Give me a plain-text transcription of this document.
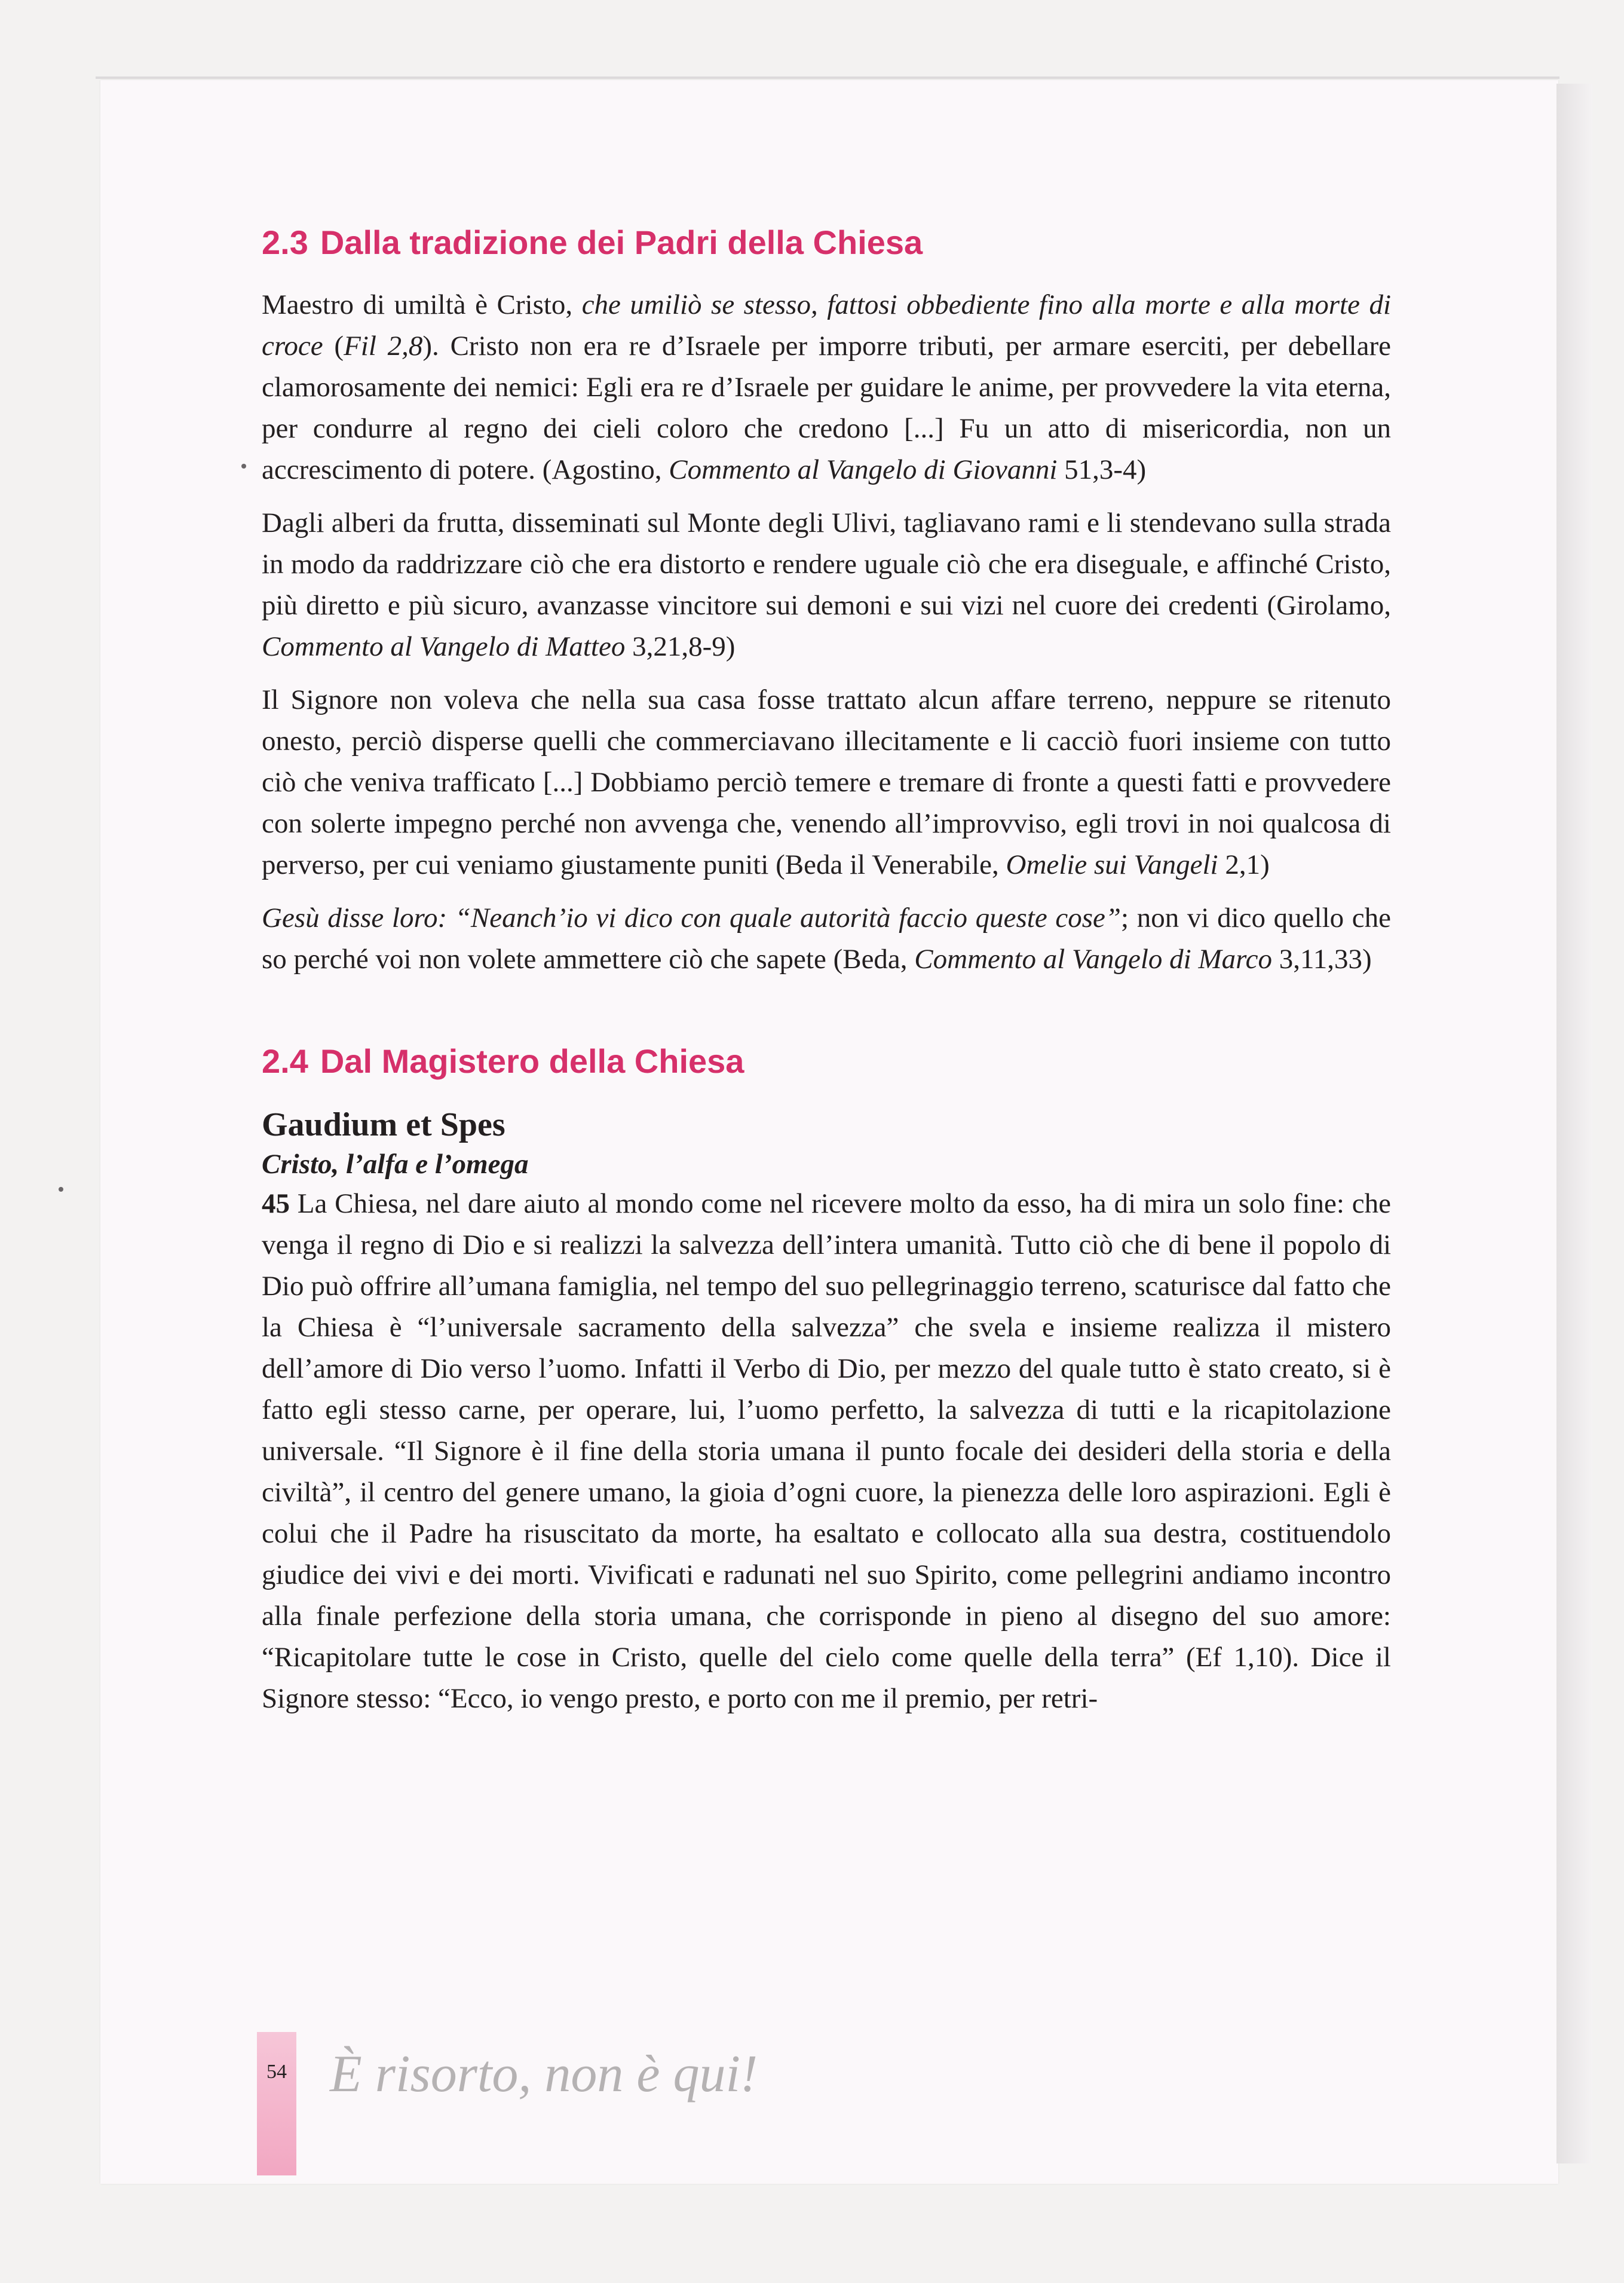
2.3 Dalla tradizione dei Padri della Chiesa

Maestro di umiltà è Cristo, che umiliò se stesso, fattosi obbediente fino alla morte e alla morte di croce (Fil 2,8). Cristo non era re d’Israele per imporre tributi, per armare eserciti, per debellare clamorosamente dei nemici: Egli era re d’Israele per guidare le anime, per provvedere la vita eterna, per condurre al regno dei cieli coloro che credono [...] Fu un atto di misericordia, non un accrescimento di potere. (Agostino, Commento al Vangelo di Giovanni 51,3-4)

Dagli alberi da frutta, disseminati sul Monte degli Ulivi, tagliavano rami e li stendevano sulla strada in modo da raddrizzare ciò che era distorto e rendere uguale ciò che era diseguale, e affinché Cristo, più diretto e più sicuro, avanzasse vincitore sui demoni e sui vizi nel cuore dei credenti (Girolamo, Commento al Vangelo di Matteo 3,21,8-9)

Il Signore non voleva che nella sua casa fosse trattato alcun affare terreno, neppure se ritenuto onesto, perciò disperse quelli che commerciavano illecitamente e li cacciò fuori insieme con tutto ciò che veniva trafficato [...] Dobbiamo perciò temere e tremare di fronte a questi fatti e provvedere con solerte impegno perché non avvenga che, venendo all’improvviso, egli trovi in noi qualcosa di perverso, per cui veniamo giustamente puniti (Beda il Venerabile, Omelie sui Vangeli 2,1)

Gesù disse loro: “Neanch’io vi dico con quale autorità faccio queste cose”; non vi dico quello che so perché voi non volete ammettere ciò che sapete (Beda, Commento al Vangelo di Marco 3,11,33)

2.4 Dal Magistero della Chiesa
Gaudium et Spes
Cristo, l’alfa e l’omega

45 La Chiesa, nel dare aiuto al mondo come nel ricevere molto da esso, ha di mira un solo fine: che venga il regno di Dio e si realizzi la salvezza dell’intera umanità. Tutto ciò che di bene il popolo di Dio può offrire all’umana famiglia, nel tempo del suo pellegrinaggio terreno, scaturisce dal fatto che la Chiesa è “l’universale sacramento della salvezza” che svela e insieme realizza il mistero dell’amore di Dio verso l’uomo. Infatti il Verbo di Dio, per mezzo del quale tutto è stato creato, si è fatto egli stesso carne, per operare, lui, l’uomo perfetto, la salvezza di tutti e la ricapitolazione universale. “Il Signore è il fine della storia umana il punto focale dei desideri della storia e della civiltà”, il centro del genere umano, la gioia d’ogni cuore, la pienezza delle loro aspirazioni. Egli è colui che il Padre ha risuscitato da morte, ha esaltato e collocato alla sua destra, costituendolo giudice dei vivi e dei morti. Vivificati e radunati nel suo Spirito, come pellegrini andiamo incontro alla finale perfezione della storia umana, che corrisponde in pieno al disegno del suo amore: “Ricapitolare tutte le cose in Cristo, quelle del cielo come quelle della terra” (Ef 1,10). Dice il Signore stesso: “Ecco, io vengo presto, e porto con me il premio, per retri-

54 È risorto, non è qui!
